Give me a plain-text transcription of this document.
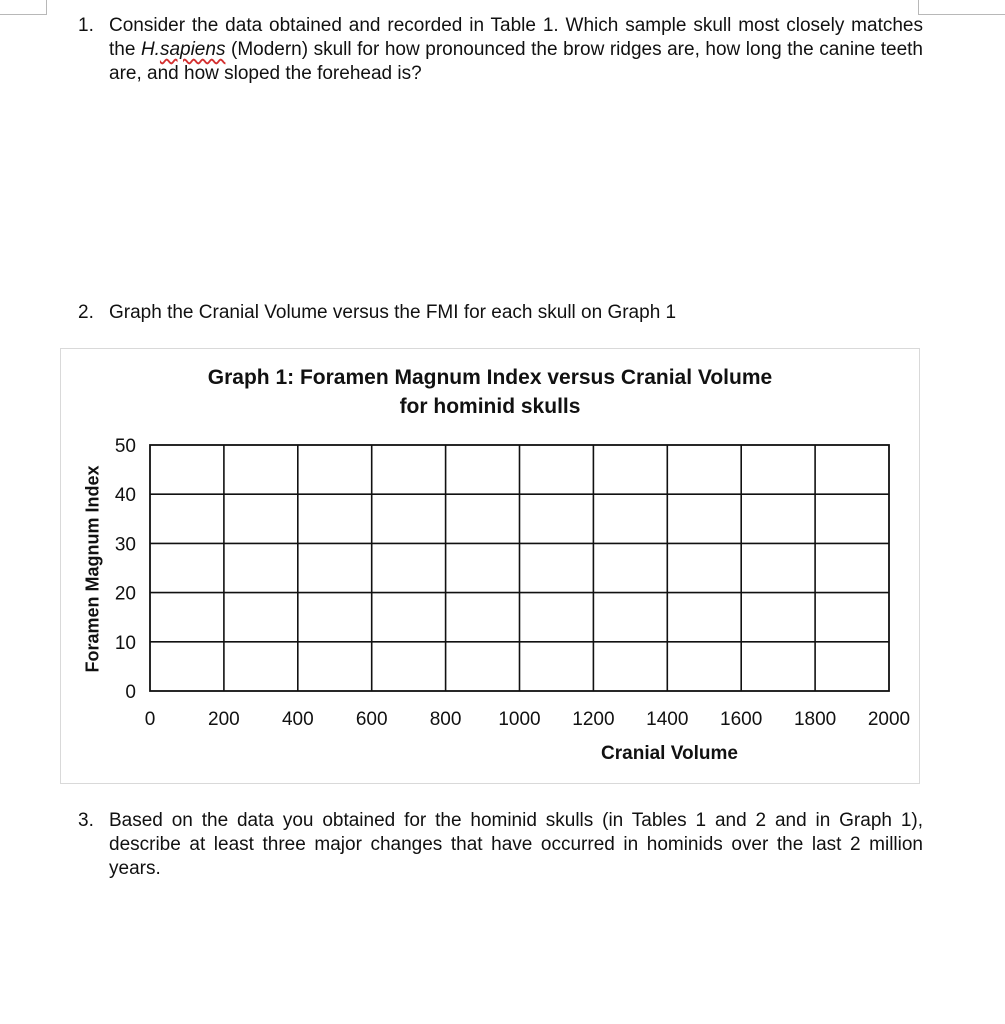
1. Consider the data obtained and recorded in Table 1. Which sample skull most closely matches the H.sapiens (Modern) skull for how pronounced the brow ridges are, how long the canine teeth are, and how sloped the forehead is?
2. Graph the Cranial Volume versus the FMI for each skull on Graph 1
Graph 1: Foramen Magnum Index versus Cranial Volume
for hominid skulls
Foramen Magnum Index
0
10
20
30
40
50
0	200 400 600 800 1000 1200 1400 1600 1800 2000
Cranial Volume
3. Based on the data you obtained for the hominid skulls (in Tables 1 and 2 and in Graph 1), describe at least three major changes that have occurred in hominids over the last 2 million years.
